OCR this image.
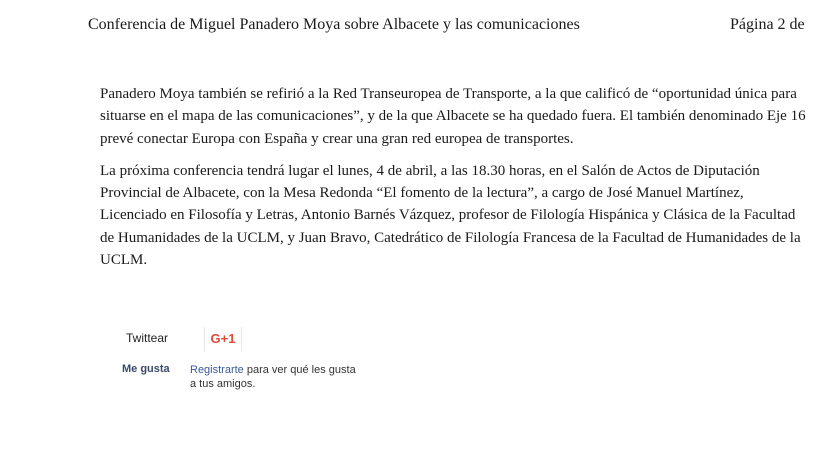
Conferencia de Miguel Panadero Moya sobre Albacete y las comunicaciones	Página 2 de

Panadero Moya también se refirió a la Red Transeuropea de Transporte, a la que calificó de “oportunidad única para situarse en el mapa de las comunicaciones”, y de la que Albacete se ha quedado fuera. El también denominado Eje 16 prevé conectar Europa con España y crear una gran red europea de transportes.

La próxima conferencia tendrá lugar el lunes, 4 de abril, a las 18.30 horas, en el Salón de Actos de Diputación Provincial de Albacete, con la Mesa Redonda “El fomento de la lectura”, a cargo de José Manuel Martínez, Licenciado en Filosofía y Letras, Antonio Barnés Vázquez, profesor de Filología Hispánica y Clásica de la Facultad de Humanidades de la UCLM, y Juan Bravo, Catedrático de Filología Francesa de la Facultad de Humanidades de la UCLM.

Twittear	G+1
Me gusta Registrarte para ver qué les gusta a tus amigos.
